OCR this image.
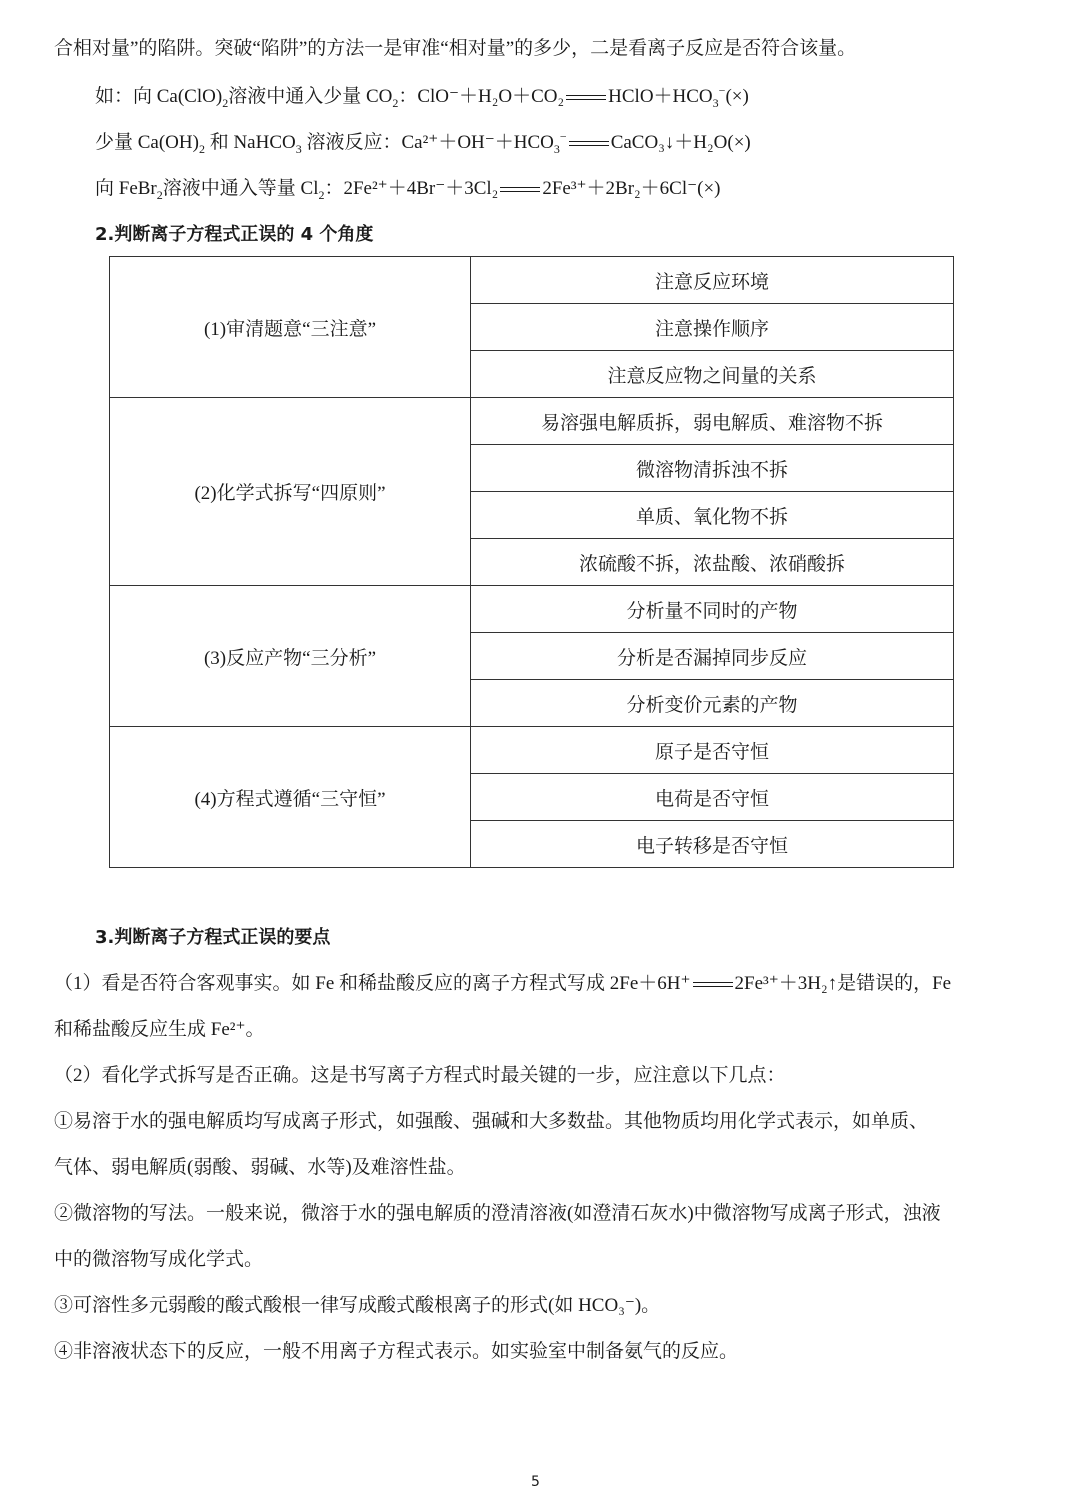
合相对量”的陷阱。突破“陷阱”的方法一是审准“相对量”的多少，二是看离子反应是否符合该量。
如：向 $Ca(ClO)_2$溶液中通入少量 $CO_2$：ClO⁻＋H₂O＋CO₂ $HClO+HCO_3^-(\times)$
少量 $Ca(OH)_2$ 和 NaHCO$_3$ 溶液反应：$Ca^{2+}+OH^-+HCO_3^-$ CaCO₃↓＋H₂O(×)
向 FeBr$_2$溶液中通入等量 $Cl_2$：2Fe²⁺＋4Br⁻＋3Cl₂ 2Fe³⁺＋2Br₂＋6Cl⁻(×)
2.判断离子方程式正误的 4 个角度
(1)审清题意“三注意”	注意反应环境
	注意操作顺序
	注意反应物之间量的关系
(2)化学式拆写“四原则”	易溶强电解质拆，弱电解质、难溶物不拆
	微溶物清拆浊不拆
	单质、氧化物不拆
	浓硫酸不拆，浓盐酸、浓硝酸拆
(3)反应产物“三分析”	分析量不同时的产物
	分析是否漏掉同步反应
	分析变价元素的产物
(4)方程式遵循“三守恒”	原子是否守恒
	电荷是否守恒
	电子转移是否守恒
3.判断离子方程式正误的要点
（1）看是否符合客观事实。如 Fe 和稀盐酸反应的离子方程式写成 2Fe＋6H⁺ 2Fe³⁺＋3H₂↑是错误的，Fe
和稀盐酸反应生成 Fe²⁺。
（2）看化学式拆写是否正确。这是书写离子方程式时最关键的一步，应注意以下几点：
①易溶于水的强电解质均写成离子形式，如强酸、强碱和大多数盐。其他物质均用化学式表示，如单质、
气体、弱电解质(弱酸、弱碱、水等)及难溶性盐。
②微溶物的写法。一般来说，微溶于水的强电解质的澄清溶液(如澄清石灰水)中微溶物写成离子形式，浊液
中的微溶物写成化学式。
③可溶性多元弱酸的酸式酸根一律写成酸式酸根离子的形式(如 HCO₃⁻)。
④非溶液状态下的反应，一般不用离子方程式表示。如实验室中制备氨气的反应。
5
